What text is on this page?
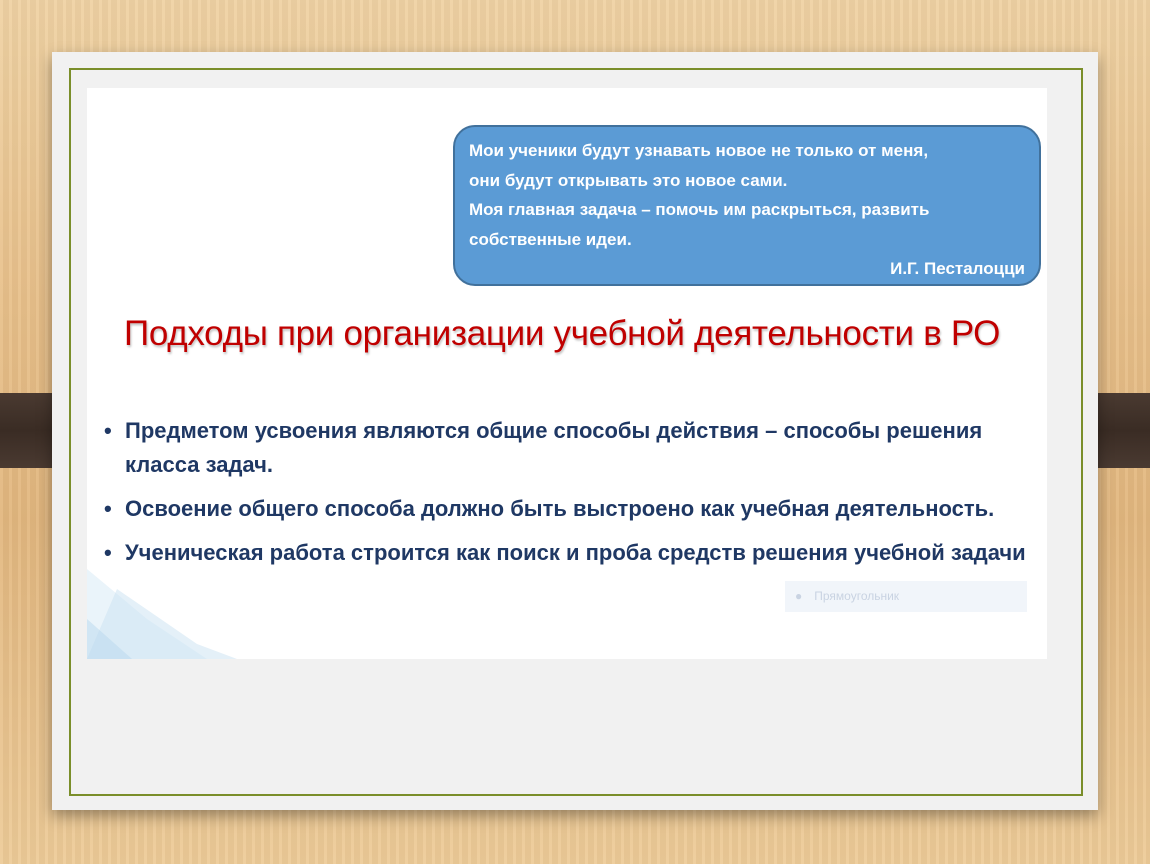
Мои ученики будут узнавать новое не только от меня,
они будут открывать это новое сами.
Моя главная задача – помочь им раскрыться, развить
собственные идеи.
И.Г. Песталоцци
Подходы при организации учебной деятельности в РО
• Предметом усвоения являются общие способы действия – способы решения класса задач.
• Освоение общего способа должно быть выстроено как учебная деятельность.
• Ученическая работа строится как поиск и проба средств решения учебной задачи
● Прямоугольник
